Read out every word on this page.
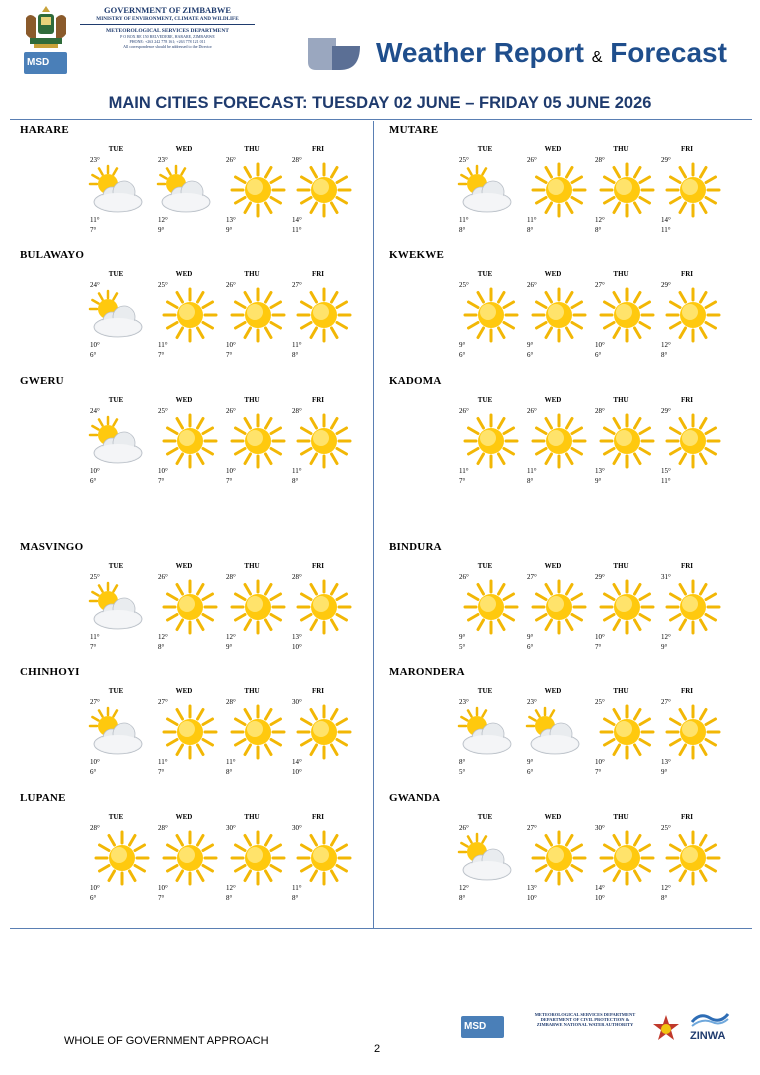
MSD
GOVERNMENT OF ZIMBABWE
MINISTRY OF ENVIRONMENT, CLIMATE AND WILDLIFE
METEOROLOGICAL SERVICES DEPARTMENT
P O BOX BE 150 BELVEDERE, HARARE, ZIMBABWE
PHONE: +263 242 778 161; +263 778 121 011
All correspondence should be addressed to the Director	Weather Report & Forecast
MAIN CITIES FORECAST: TUESDAY 02 JUNE – FRIDAY 05 JUNE 2026
HARARE
TUE
23°
11°
7°
WED
23°
12°
9°
THU
26°
13°
9°
FRI
28°
14°
11°
MUTARE
TUE
25°
11°
8°
WED
26°
11°
8°
THU
28°
12°
8°
FRI
29°
14°
11°
BULAWAYO
TUE
24°
10°
6°
WED
25°
11°
7°
THU
26°
10°
7°
FRI
27°
11°
8°
KWEKWE
TUE
25°
9°
6°
WED
26°
9°
6°
THU
27°
10°
6°
FRI
29°
12°
8°
GWERU
TUE
24°
10°
6°
WED
25°
10°
7°
THU
26°
10°
7°
FRI
28°
11°
8°
KADOMA
TUE
26°
11°
7°
WED
26°
11°
8°
THU
28°
13°
9°
FRI
29°
15°
11°
MASVINGO
TUE
25°
11°
7°
WED
26°
12°
8°
THU
28°
12°
9°
FRI
28°
13°
10°
BINDURA
TUE
26°
9°
5°
WED
27°
9°
6°
THU
29°
10°
7°
FRI
31°
12°
9°
CHINHOYI
TUE
27°
10°
6°
WED
27°
11°
7°
THU
28°
11°
8°
FRI
30°
14°
10°
MARONDERA
TUE
23°
8°
5°
WED
23°
9°
6°
THU
25°
10°
7°
FRI
27°
13°
9°
LUPANE
TUE
28°
10°
6°
WED
28°
10°
7°
THU
30°
12°
8°
FRI
30°
11°
8°
GWANDA
TUE
26°
12°
8°
WED
27°
13°
10°
THU
30°
14°
10°
FRI
25°
12°
8°
WHOLE OF GOVERNMENT APPROACH
2
MSD
METEOROLOGICAL SERVICES DEPARTMENT
DEPARTMENT OF CIVIL PROTECTION &
ZIMBABWE NATIONAL WATER AUTHORITY
ZINWA
